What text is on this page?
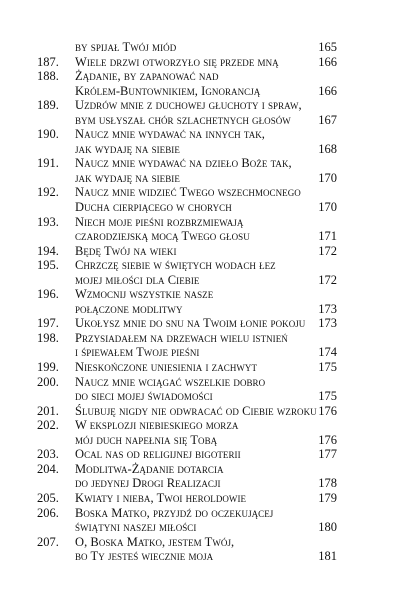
by spijał Twój miód	165
187. Wiele drzwi otworzyło się przede mną	166
188. Żądanie, by zapanować nad
Królem-Buntownikiem, Ignorancją	166
189. Uzdrów mnie z duchowej głuchoty i spraw,
bym usłyszał chór szlachetnych głosów 167
190. Naucz mnie wydawać na innych tak,
jak wydaję na siebie	168
191. Naucz mnie wydawać na dzieło Boże tak,
jak wydaję na siebie	170
192. Naucz mnie widzieć Twego wszechmocnego
Ducha cierpiącego w chorych	170
193. Niech moje pieśni rozbrzmiewają
czarodziejską mocą Twego głosu	171
194. Będę Twój na wieki	172
195. Chrzczę siebie w świętych wodach łez
mojej miłości dla Ciebie	172
196. Wzmocnij wszystkie nasze
połączone modlitwy	173
197. Ukołysz mnie do snu na Twoim łonie pokoju 173
198. Przysiadałem na drzewach wielu istnień
i śpiewałem Twoje pieśni	174
199. Nieskończone uniesienia i zachwyt	175
200. Naucz mnie wciągać wszelkie dobro
do sieci mojej świadomości	175
201. Ślubuję nigdy nie odwracać od Ciebie wzroku 176
202. W eksplozji niebieskiego morza
mój duch napełnia się Tobą	176
203. Ocal nas od religijnej bigoterii	177
204. Modlitwa-Żądanie dotarcia
do jedynej Drogi Realizacji	178
205. Kwiaty i nieba, Twoi heroldowie	179
206. Boska Matko, przyjdź do oczekującej
świątyni naszej miłości	180
207. O, Boska Matko, jestem Twój,
bo Ty jesteś wiecznie moja	181
